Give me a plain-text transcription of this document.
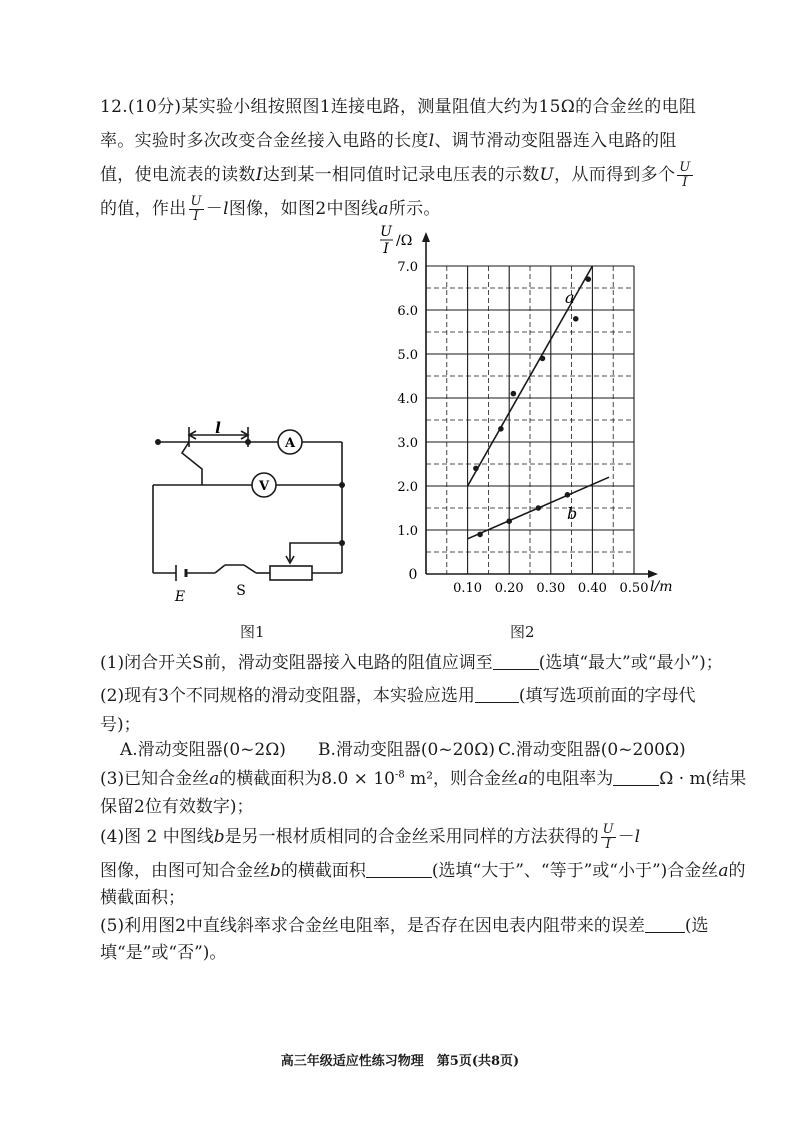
12.(10分)某实验小组按照图1连接电路，测量阻值大约为15Ω的合金丝的电阻率。实验时多次改变合金丝接入电路的长度l、调节滑动变阻器连入电路的阻值，使电流表的读数I达到某一相同值时记录电压表的示数U，从而得到多个 $\frac{U}{I}$
的值，作出 $\frac{U}{I} -l$图像，如图2中图线a所示。
A
V
l
E	S
图1
0.10 0.20 0.30 0.40 0.50
1.0
2.0
3.0
4.0
5.0
6.0
7.0
U
I /Ω
l/m
0
a
b
图2
(1)闭合开关S前，滑动变阻器接入电路的阻值应调至	(选填“最大”或“最小”)；
(2)现有3个不同规格的滑动变阻器，本实验应选用	(填写选项前面的字母代
号)；
A.滑动变阻器(0~2Ω) B.滑动变阻器(0~20Ω) C.滑动变阻器(0~200Ω)
(3)已知合金丝a的横截面积为$8.0 \times 10^{-8}$ m²，则合金丝a的电阻率为	Ω · m(结果
保留2位有效数字)；
(4)图 2 中图线b是另一根材质相同的合金丝采用同样的方法获得的 $\frac{U}{I} -l$
图像，由图可知合金丝b的横截面积	(选填“大于”、“等于”或“小于”)合金丝a的
横截面积；
(5)利用图2中直线斜率求合金丝电阻率，是否存在因电表内阻带来的误差 (选
填“是”或“否”)。
高三年级适应性练习物理　第5页(共8页)
